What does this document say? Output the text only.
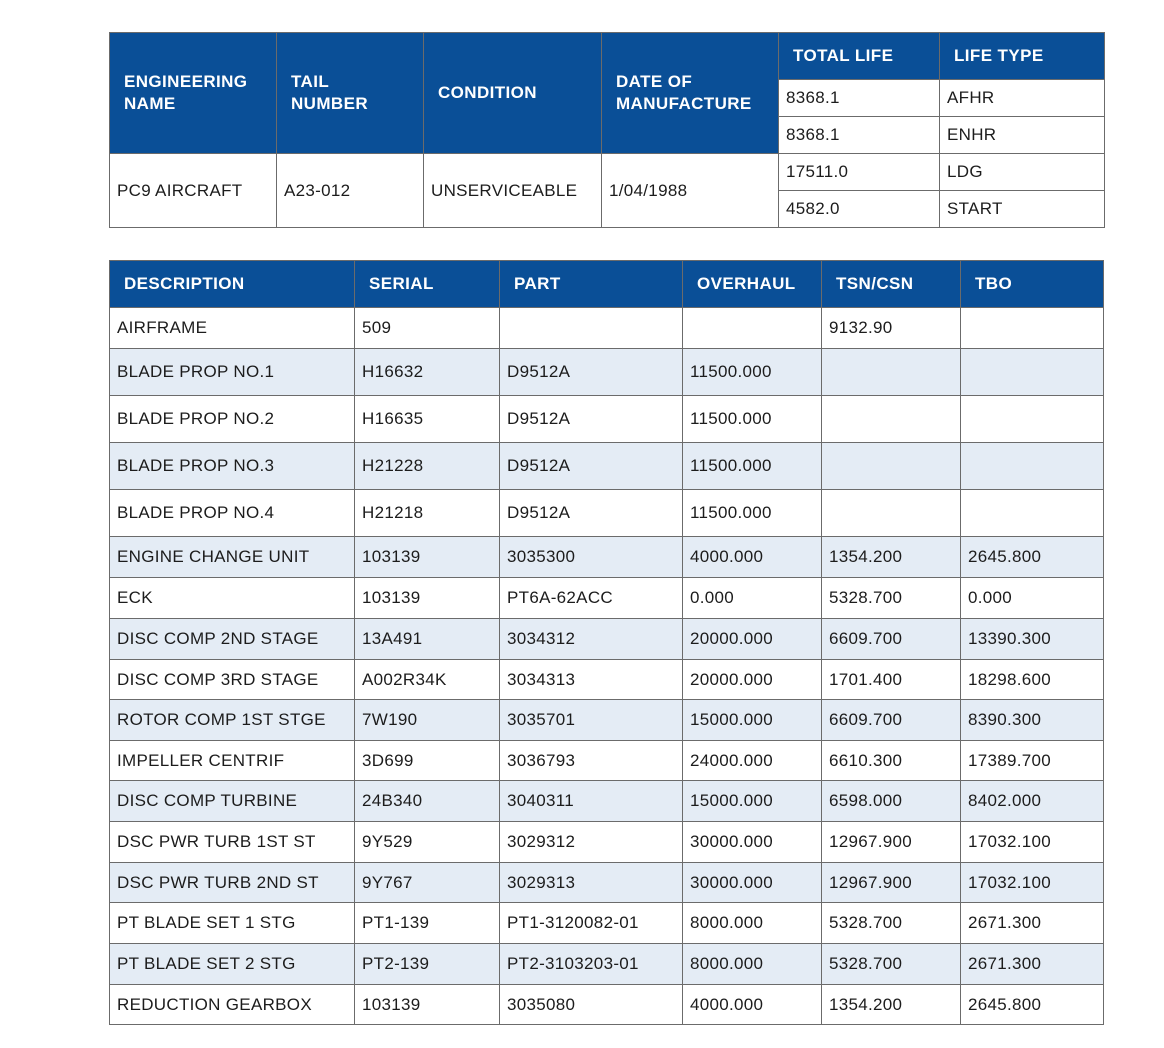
ENGINEERING NAME	TAIL NUMBER	CONDITION	DATE OF MANUFACTURE	TOTAL LIFE	LIFE TYPE
				8368.1	AFHR
				8368.1	ENHR
PC9 AIRCRAFT	A23-012	UNSERVICEABLE	1/04/1988	17511.0	LDG
				4582.0	START
DESCRIPTION	SERIAL	PART	OVERHAUL	TSN/CSN	TBO
AIRFRAME	509			9132.90	
BLADE PROP NO.1	H16632	D9512A	11500.000		
BLADE PROP NO.2	H16635	D9512A	11500.000		
BLADE PROP NO.3	H21228	D9512A	11500.000		
BLADE PROP NO.4	H21218	D9512A	11500.000		
ENGINE CHANGE UNIT	103139	3035300	4000.000	1354.200	2645.800
ECK	103139	PT6A-62ACC	0.000	5328.700	0.000
DISC COMP 2ND STAGE	13A491	3034312	20000.000	6609.700	13390.300
DISC COMP 3RD STAGE	A002R34K	3034313	20000.000	1701.400	18298.600
ROTOR COMP 1ST STGE	7W190	3035701	15000.000	6609.700	8390.300
IMPELLER CENTRIF	3D699	3036793	24000.000	6610.300	17389.700
DISC COMP TURBINE	24B340	3040311	15000.000	6598.000	8402.000
DSC PWR TURB 1ST ST	9Y529	3029312	30000.000	12967.900	17032.100
DSC PWR TURB 2ND ST	9Y767	3029313	30000.000	12967.900	17032.100
PT BLADE SET 1 STG	PT1-139	PT1-3120082-01	8000.000	5328.700	2671.300
PT BLADE SET 2 STG	PT2-139	PT2-3103203-01	8000.000	5328.700	2671.300
REDUCTION GEARBOX	103139	3035080	4000.000	1354.200	2645.800
